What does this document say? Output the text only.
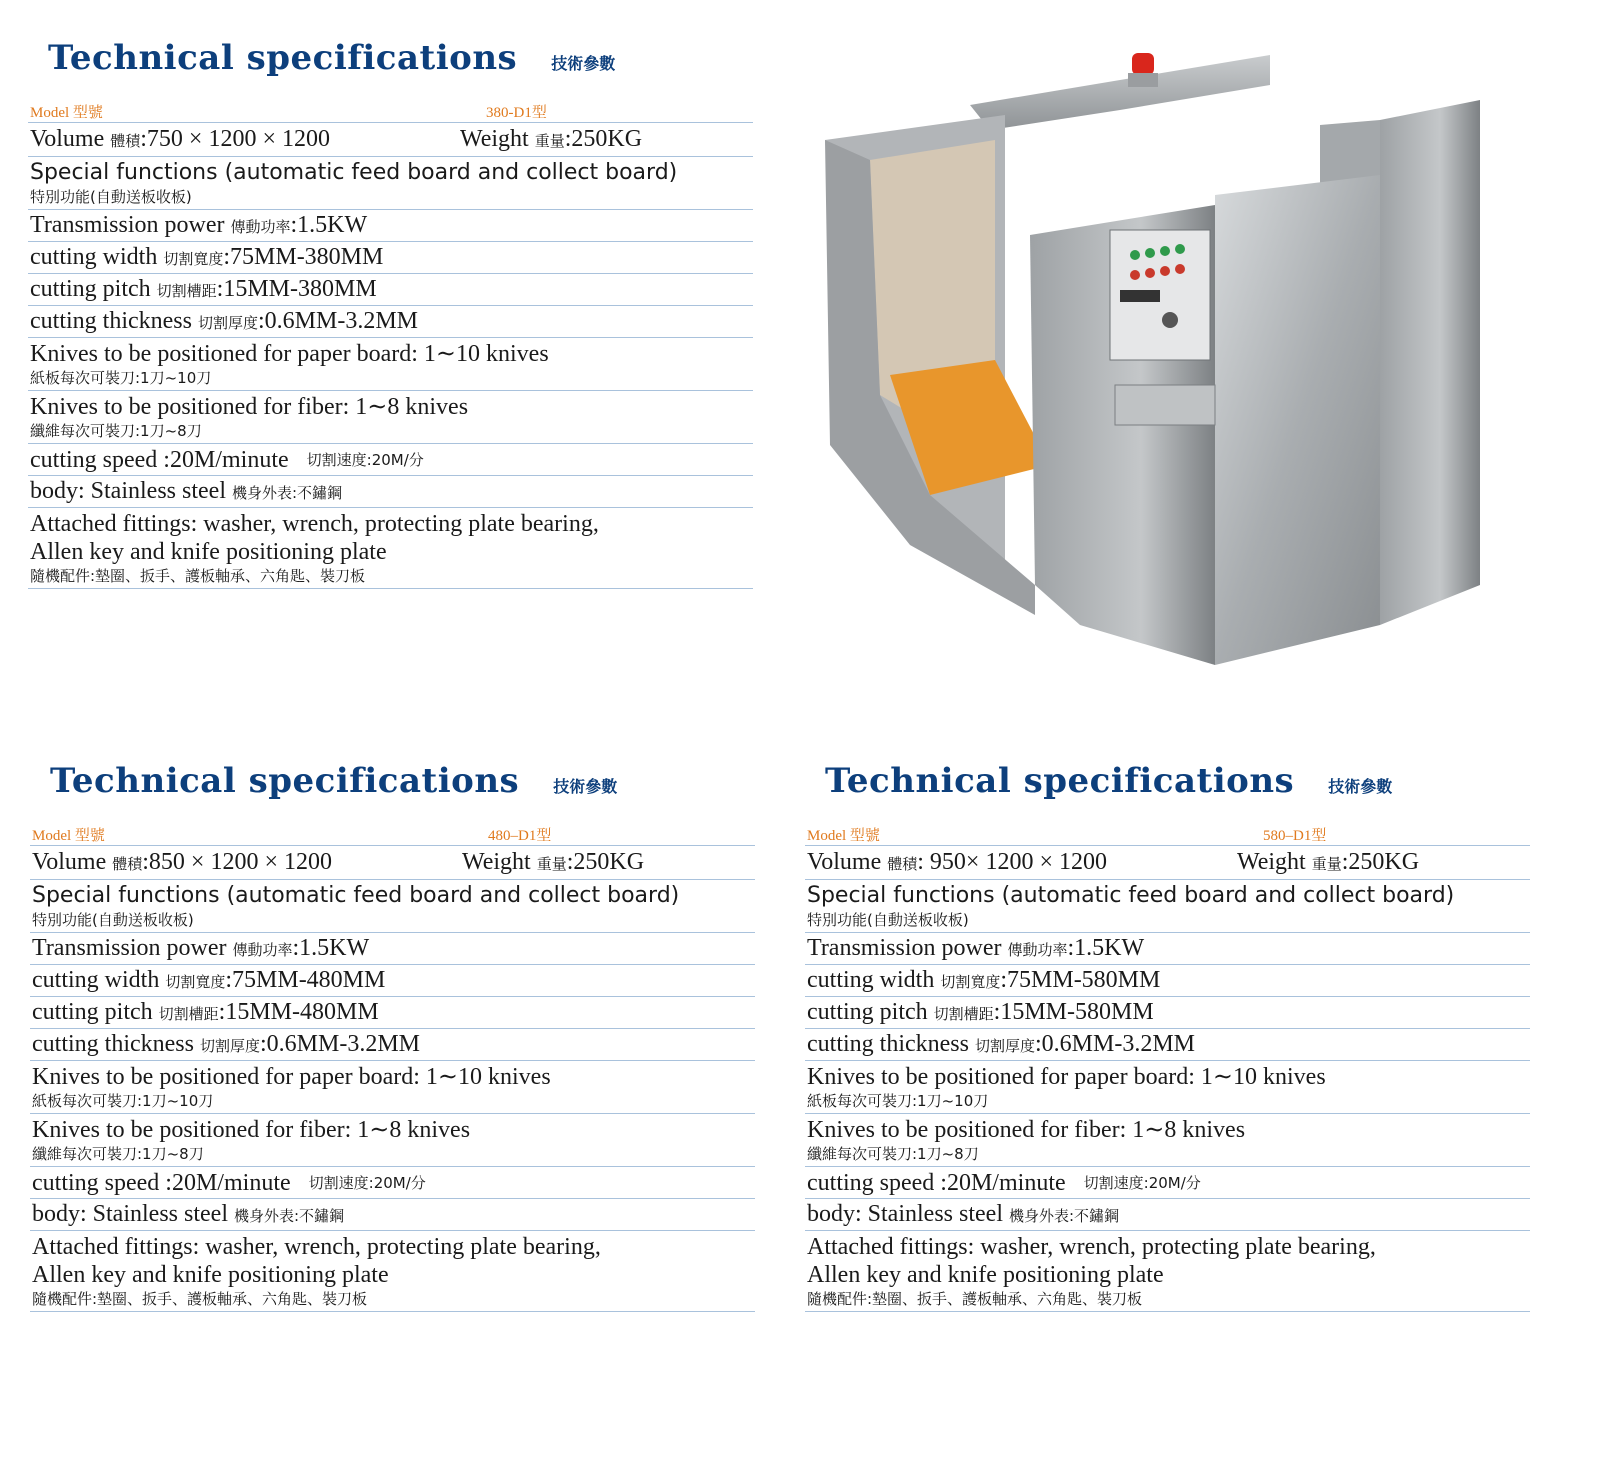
Technical specifications 技術參數
Model 型號	380-D1型
Volume 體積:750 × 1200 × 1200	Weight 重量:250KG
Special functions (automatic feed board and collect board)
特別功能(自動送板收板)
Transmission power 傳動功率:1.5KW
cutting width 切割寬度:75MM-380MM
cutting pitch 切割槽距:15MM-380MM
cutting thickness 切割厚度:0.6MM-3.2MM
Knives to be positioned for paper board: 1∼10 knives
紙板每次可裝刀:1刀~10刀
Knives to be positioned for fiber: 1∼8 knives
纖維每次可裝刀:1刀~8刀
cutting speed :20M/minute 切割速度:20M/分
body: Stainless steel 機身外表:不鏽鋼
Attached fittings: washer, wrench, protecting plate bearing,
Allen key and knife positioning plate
隨機配件:墊圈、扳手、護板軸承、六角匙、裝刀板
Technical specifications 技術參數
Model 型號	480–D1型
Volume 體積:850 × 1200 × 1200	Weight 重量:250KG
Special functions (automatic feed board and collect board)
特別功能(自動送板收板)
Transmission power 傳動功率:1.5KW
cutting width 切割寬度:75MM-480MM
cutting pitch 切割槽距:15MM-480MM
cutting thickness 切割厚度:0.6MM-3.2MM
Knives to be positioned for paper board: 1∼10 knives
紙板每次可裝刀:1刀~10刀
Knives to be positioned for fiber: 1∼8 knives
纖維每次可裝刀:1刀~8刀
cutting speed :20M/minute 切割速度:20M/分
body: Stainless steel 機身外表:不鏽鋼
Attached fittings: washer, wrench, protecting plate bearing,
Allen key and knife positioning plate
隨機配件:墊圈、扳手、護板軸承、六角匙、裝刀板
Technical specifications 技術參數
Model 型號	580–D1型
Volume 體積: 950× 1200 × 1200	Weight 重量:250KG
Special functions (automatic feed board and collect board)
特別功能(自動送板收板)
Transmission power 傳動功率:1.5KW
cutting width 切割寬度:75MM-580MM
cutting pitch 切割槽距:15MM-580MM
cutting thickness 切割厚度:0.6MM-3.2MM
Knives to be positioned for paper board: 1∼10 knives
紙板每次可裝刀:1刀~10刀
Knives to be positioned for fiber: 1∼8 knives
纖維每次可裝刀:1刀~8刀
cutting speed :20M/minute 切割速度:20M/分
body: Stainless steel 機身外表:不鏽鋼
Attached fittings: washer, wrench, protecting plate bearing,
Allen key and knife positioning plate
隨機配件:墊圈、扳手、護板軸承、六角匙、裝刀板
